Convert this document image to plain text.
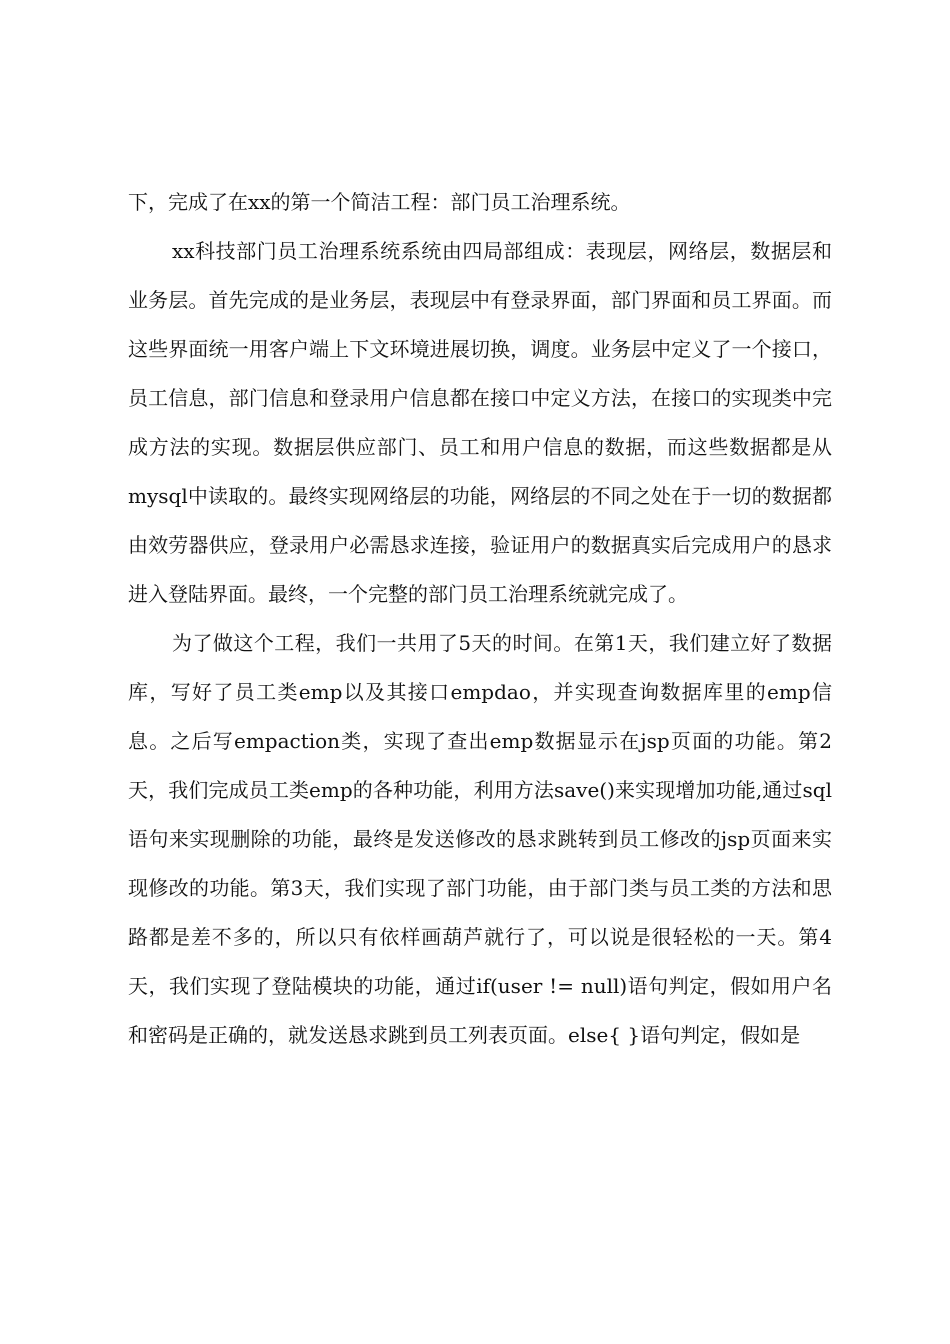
下，完成了在xx的第一个简洁工程：部门员工治理系统。

xx科技部门员工治理系统系统由四局部组成：表现层，网络层，数据层和业务层。首先完成的是业务层，表现层中有登录界面，部门界面和员工界面。而这些界面统一用客户端上下文环境进展切换，调度。业务层中定义了一个接口，员工信息，部门信息和登录用户信息都在接口中定义方法，在接口的实现类中完成方法的实现。数据层供应部门、员工和用户信息的数据，而这些数据都是从mysql中读取的。最终实现网络层的功能，网络层的不同之处在于一切的数据都由效劳器供应，登录用户必需恳求连接，验证用户的数据真实后完成用户的恳求进入登陆界面。最终，一个完整的部门员工治理系统就完成了。

为了做这个工程，我们一共用了5天的时间。在第1天，我们建立好了数据库，写好了员工类emp以及其接口empdao，并实现查询数据库里的emp信息。之后写empaction类，实现了查出emp数据显示在jsp页面的功能。第2天，我们完成员工类emp的各种功能，利用方法save()来实现增加功能,通过sql语句来实现删除的功能，最终是发送修改的恳求跳转到员工修改的jsp页面来实现修改的功能。第3天，我们实现了部门功能，由于部门类与员工类的方法和思路都是差不多的，所以只有依样画葫芦就行了，可以说是很轻松的一天。第4天，我们实现了登陆模块的功能，通过if(user != null)语句判定，假如用户名和密码是正确的，就发送恳求跳到员工列表页面。else{ }语句判定，假如是
